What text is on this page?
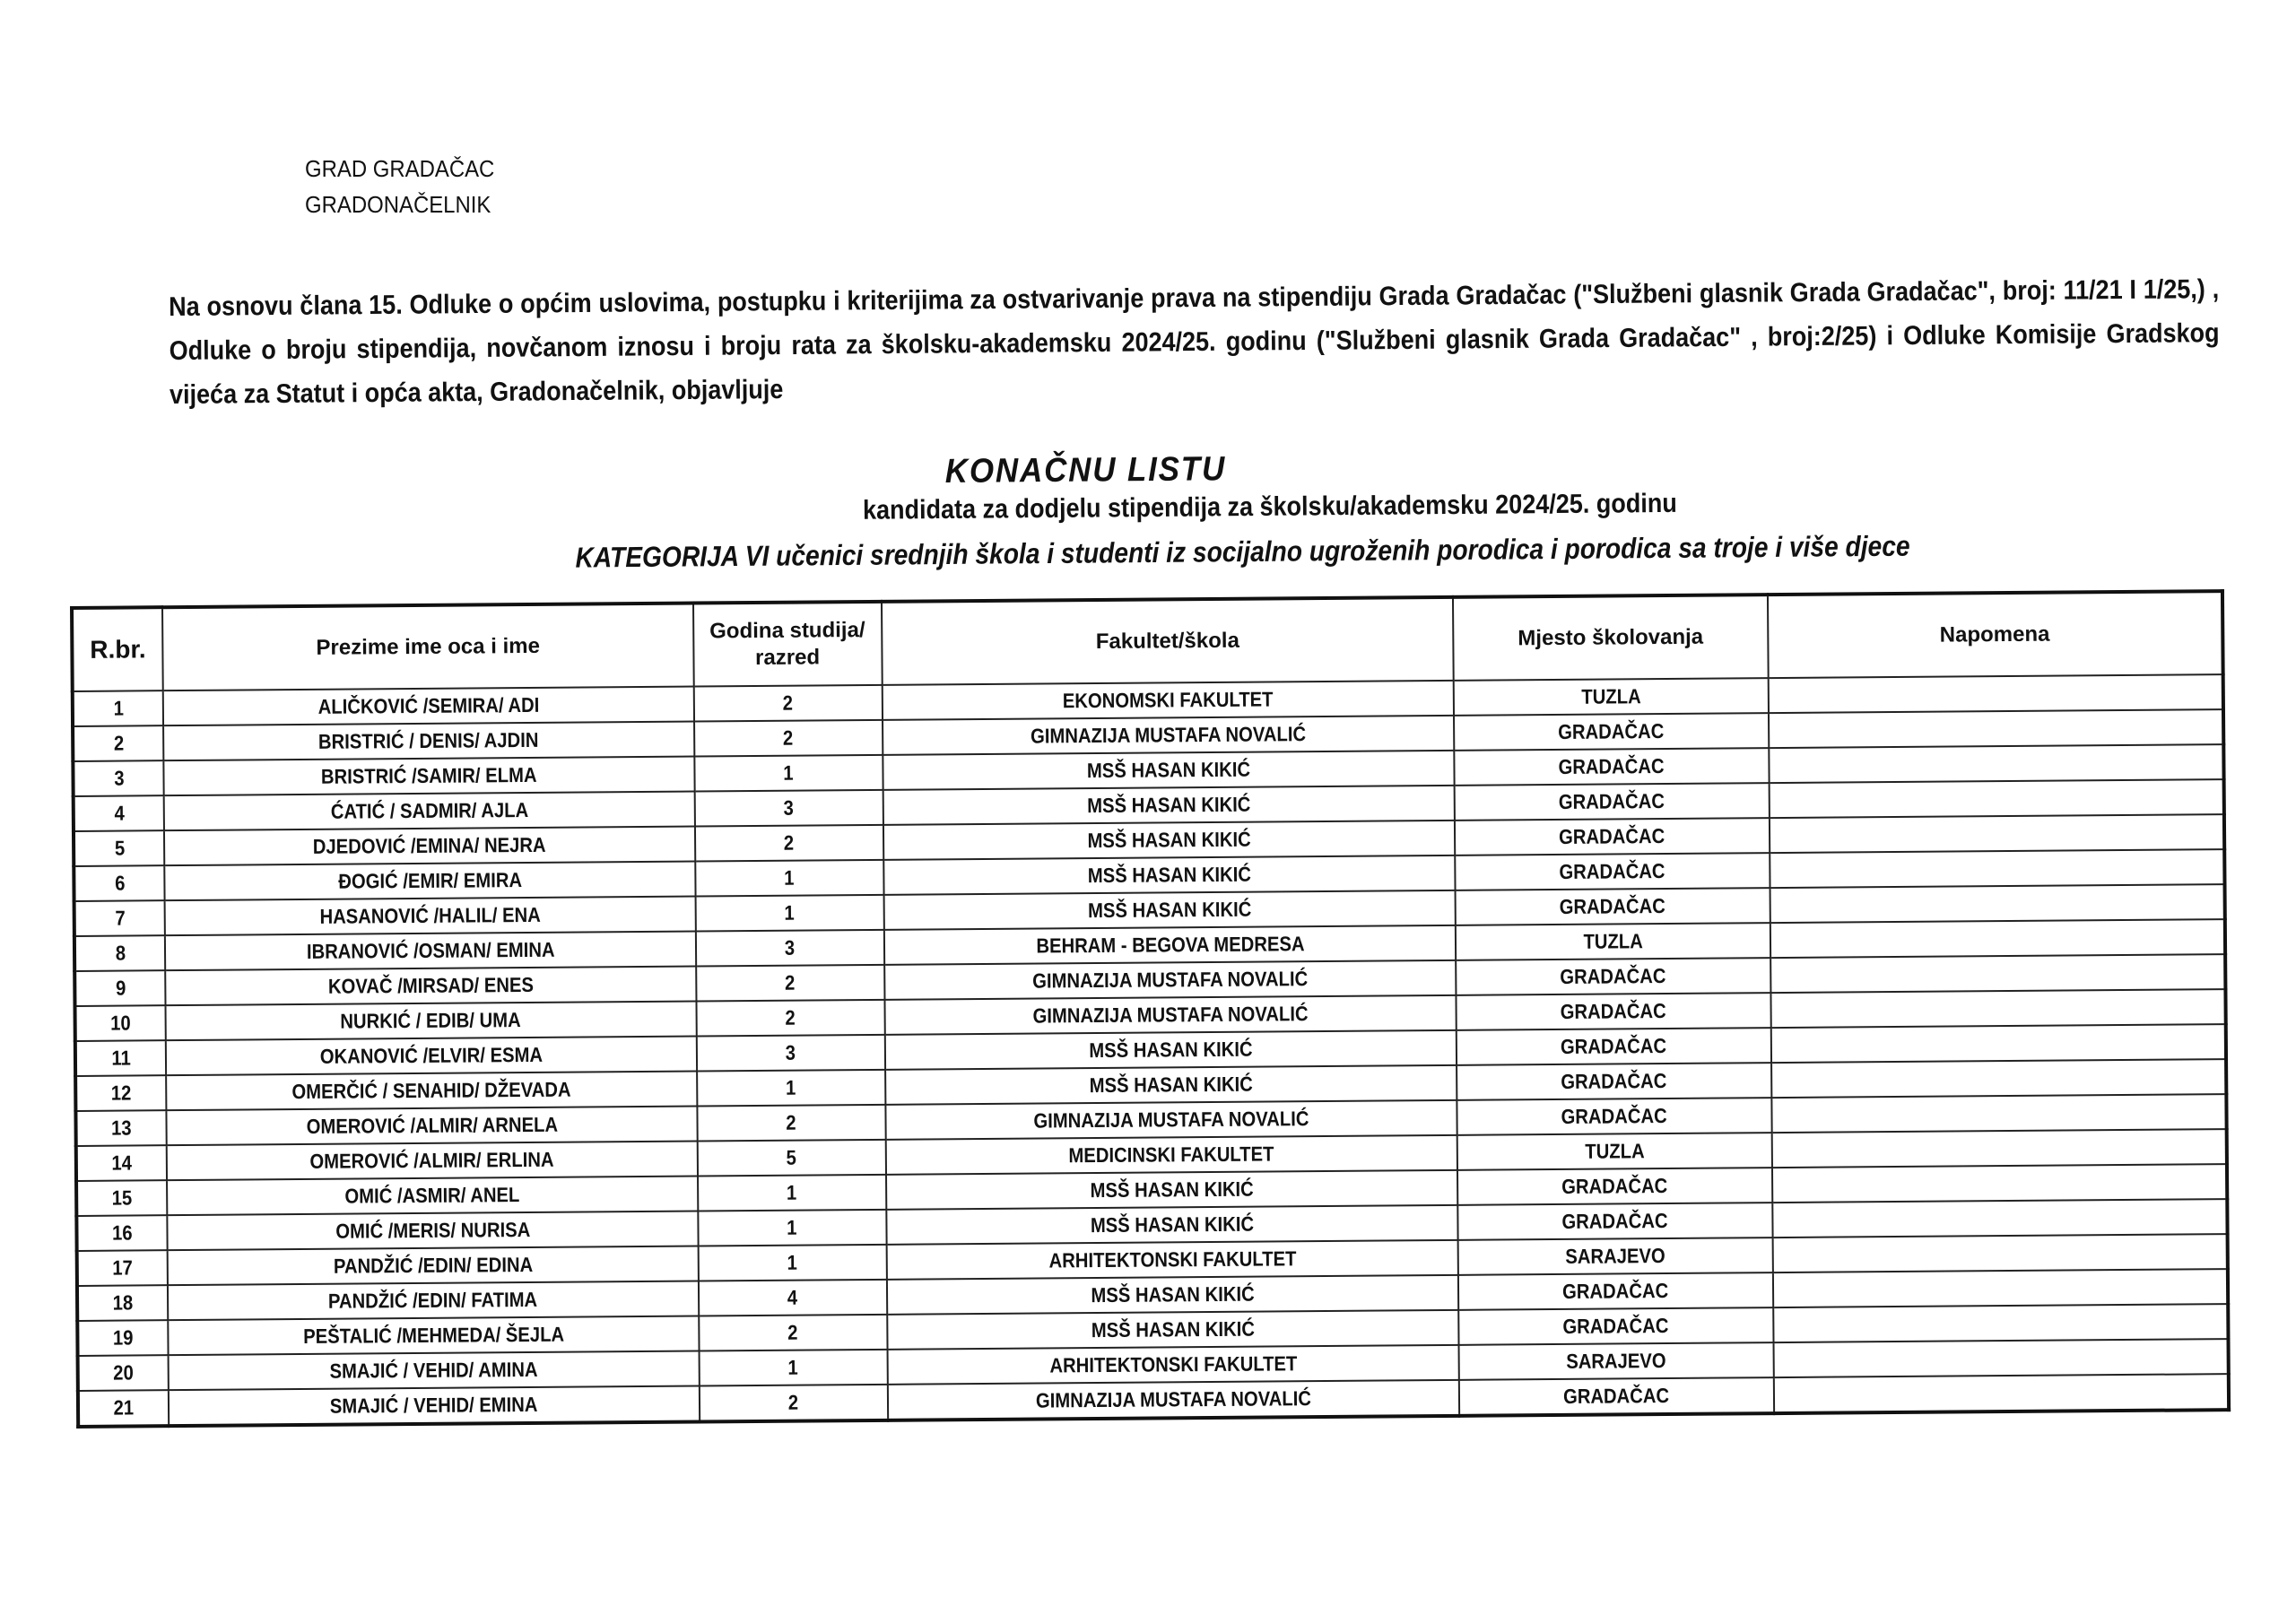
GRAD GRADAČAC
GRADONAČELNIK
Na osnovu člana 15. Odluke o općim uslovima, postupku i kriterijima za ostvarivanje prava na stipendiju Grada Gradačac ("Službeni glasnik Grada Gradačac", broj: 11/21 I 1/25,) , Odluke o broju stipendija, novčanom iznosu i broju rata za školsku-akademsku 2024/25. godinu ("Službeni glasnik Grada Gradačac" , broj:2/25) i Odluke Komisije Gradskog vijeća za Statut i opća akta, Gradonačelnik, objavljuje
KONAČNU LISTU
kandidata za dodjelu stipendija za školsku/akademsku 2024/25. godinu
KATEGORIJA VI učenici srednjih škola i studenti iz socijalno ugroženih porodica i porodica sa troje i više djece
R.br.	Prezime ime oca i ime	Godina studija/ razred	Fakultet/škola	Mjesto školovanja	Napomena
1	ALIČKOVIĆ /SEMIRA/ ADI	2	EKONOMSKI FAKULTET	TUZLA	
2	BRISTRIĆ / DENIS/ AJDIN	2	GIMNAZIJA MUSTAFA NOVALIĆ	GRADAČAC	
3	BRISTRIĆ /SAMIR/ ELMA	1	MSŠ HASAN KIKIĆ	GRADAČAC	
4	ĆATIĆ / SADMIR/ AJLA	3	MSŠ HASAN KIKIĆ	GRADAČAC	
5	DJEDOVIĆ /EMINA/ NEJRA	2	MSŠ HASAN KIKIĆ	GRADAČAC	
6	ĐOGIĆ /EMIR/ EMIRA	1	MSŠ HASAN KIKIĆ	GRADAČAC	
7	HASANOVIĆ /HALIL/ ENA	1	MSŠ HASAN KIKIĆ	GRADAČAC	
8	IBRANOVIĆ /OSMAN/ EMINA	3	BEHRAM - BEGOVA MEDRESA	TUZLA	
9	KOVAČ /MIRSAD/ ENES	2	GIMNAZIJA MUSTAFA NOVALIĆ	GRADAČAC	
10	NURKIĆ / EDIB/ UMA	2	GIMNAZIJA MUSTAFA NOVALIĆ	GRADAČAC	
11	OKANOVIĆ /ELVIR/ ESMA	3	MSŠ HASAN KIKIĆ	GRADAČAC	
12	OMERČIĆ / SENAHID/ DŽEVADA	1	MSŠ HASAN KIKIĆ	GRADAČAC	
13	OMEROVIĆ /ALMIR/ ARNELA	2	GIMNAZIJA MUSTAFA NOVALIĆ	GRADAČAC	
14	OMEROVIĆ /ALMIR/ ERLINA	5	MEDICINSKI FAKULTET	TUZLA	
15	OMIĆ /ASMIR/ ANEL	1	MSŠ HASAN KIKIĆ	GRADAČAC	
16	OMIĆ /MERIS/ NURISA	1	MSŠ HASAN KIKIĆ	GRADAČAC	
17	PANDŽIĆ /EDIN/ EDINA	1	ARHITEKTONSKI FAKULTET	SARAJEVO	
18	PANDŽIĆ /EDIN/ FATIMA	4	MSŠ HASAN KIKIĆ	GRADAČAC	
19	PEŠTALIĆ /MEHMEDA/ ŠEJLA	2	MSŠ HASAN KIKIĆ	GRADAČAC	
20	SMAJIĆ / VEHID/ AMINA	1	ARHITEKTONSKI FAKULTET	SARAJEVO	
21	SMAJIĆ / VEHID/ EMINA	2	GIMNAZIJA MUSTAFA NOVALIĆ	GRADAČAC	
